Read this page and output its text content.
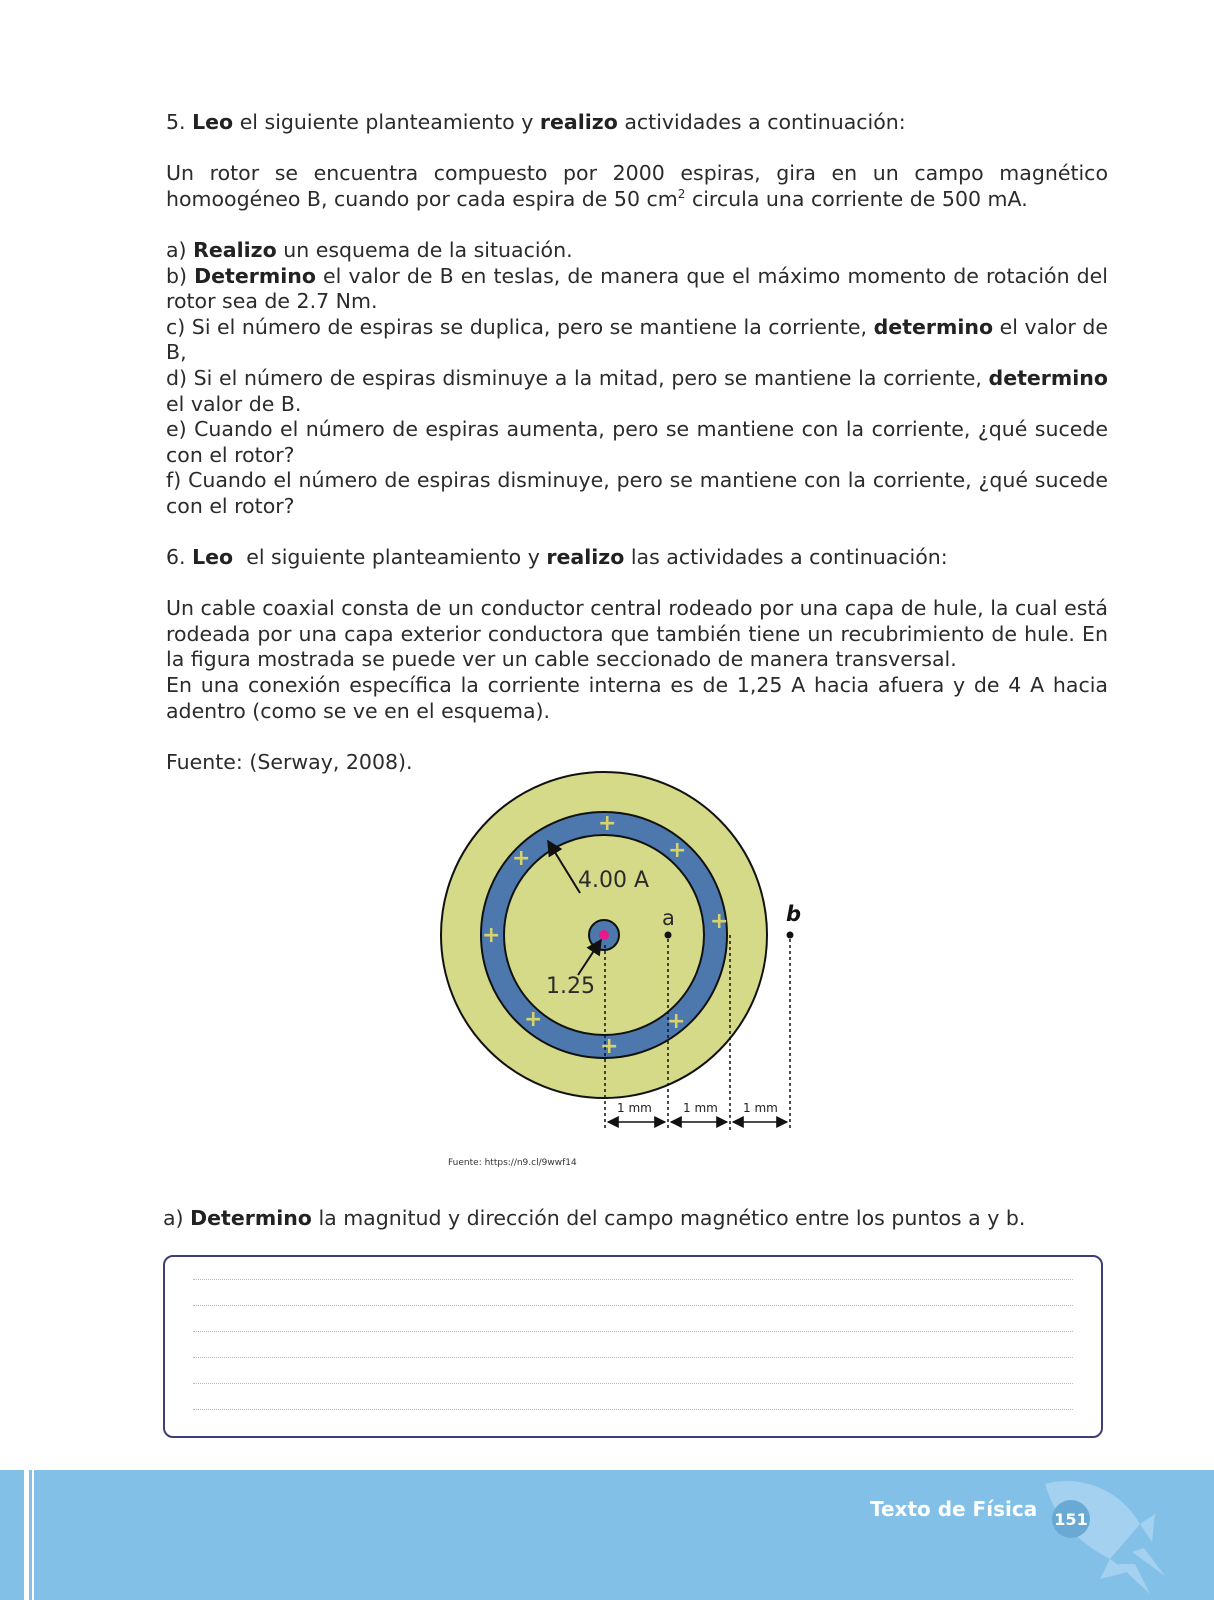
5. Leo el siguiente planteamiento y realizo actividades a continuación:

Un rotor se encuentra compuesto por 2000 espiras, gira en un campo magnético homoogéneo B, cuando por cada espira de 50 $cm^2$ circula una corriente de 500 mA.

a) Realizo un esquema de la situación.

b) Determino el valor de B en teslas, de manera que el máximo momento de rotación del rotor sea de 2.7 Nm.

c) Si el número de espiras se duplica, pero se mantiene la corriente, determino el valor de B,

d) Si el número de espiras disminuye a la mitad, pero se mantiene la corriente, determino el valor de B.

e) Cuando el número de espiras aumenta, pero se mantiene con la corriente, ¿qué sucede con el rotor?

f) Cuando el número de espiras disminuye, pero se mantiene con la corriente, ¿qué sucede con el rotor?

6. Leo el siguiente planteamiento y realizo las actividades a continuación:

Un cable coaxial consta de un conductor central rodeado por una capa de hule, la cual está rodeada por una capa exterior conductora que también tiene un recubrimiento de hule. En la figura mostrada se puede ver un cable seccionado de manera transversal.

En una conexión específica la corriente interna es de 1,25 A hacia afuera y de 4 A hacia adentro (como se ve en el esquema).

Fuente: (Serway, 2008).

+
+
+
+
+
+	+
+
4.00 A
1.25
a	b
1 mm	1 mm 1 mm
Fuente: https://n9.cl/9wwf14
a) Determino la magnitud y dirección del campo magnético entre los puntos a y b.
Texto de Física 151
